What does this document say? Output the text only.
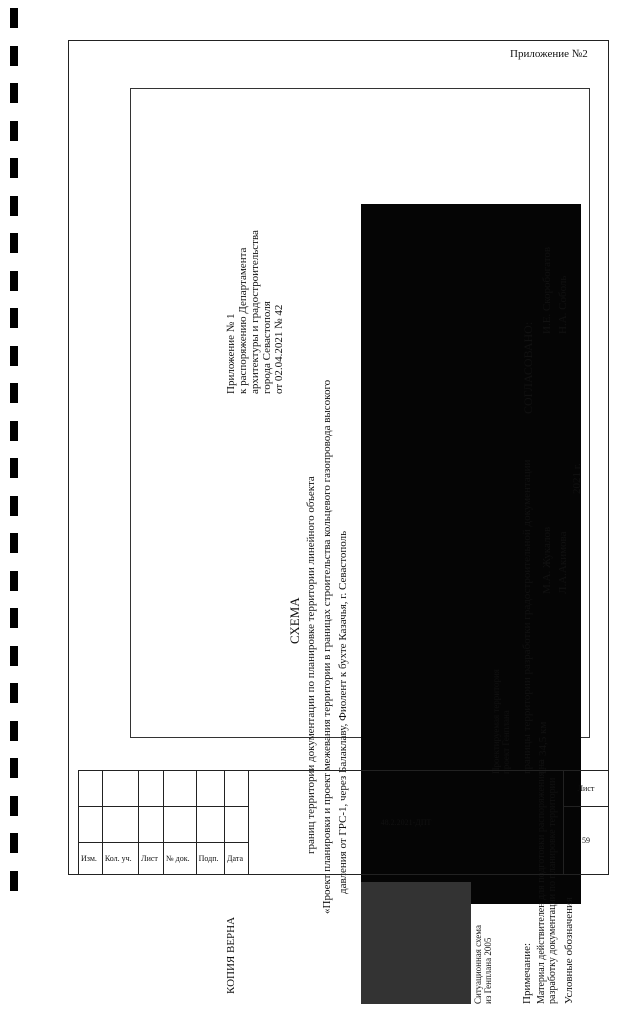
Приложение №2
КОПИЯ ВЕРНА
Приложение № 1 к распоряжению Департамента архитектуры и градостроительства города Севастополя от 02.04.2021 № 42
СХЕМА границ территории документации по планировке территории линейного объекта «Проект планировки и проект межевания территории в границах строительства кольцевого газопровода высокого давления от ГРС-1, через Балаклаву, Фиолент к бухте Казачья, г. Севастополь
Ситуационная схема из Генплана 2005	Примечание: Материал действителен для подготовки распоряжения на разработку документации по планировке территории Условные обозначения
СОГЛАСОВАНО:
И.Е. Скоробогатов Н.А. Соболь
М.А. Жукалов Л.А.Акимова
границы территории разработки градостроительной документации
L = 34,5 км
2021 г.
Проектируемая территория проект Генплана
						48.2.2021-ДПТ	Лист
							59
Изм.	Кол. уч.	Лист	№ док.	Подп.	Дата		
